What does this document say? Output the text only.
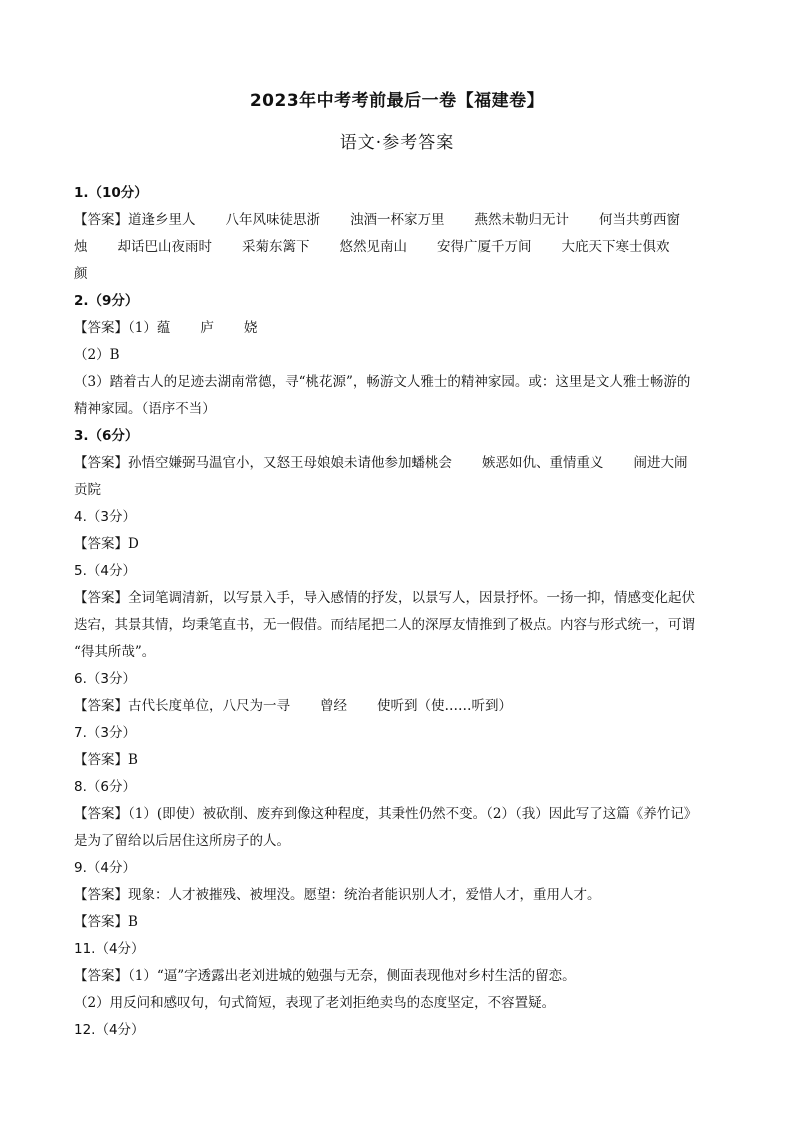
2023年中考考前最后一卷【福建卷】
语文·参考答案
1.（10分）
【答案】道逢乡里人 八年风味徒思浙 浊酒一杯家万里 燕然未勒归无计 何当共剪西窗
烛 却话巴山夜雨时 采菊东篱下 悠然见南山 安得广厦千万间 大庇天下寒士俱欢
颜
2.（9分）
【答案】（1）蕴 庐 娆
（2）B
（3）踏着古人的足迹去湖南常德，寻“桃花源”，畅游文人雅士的精神家园。或：这里是文人雅士畅游的
精神家园。（语序不当）
3.（6分）
【答案】孙悟空嫌弼马温官小，又怒王母娘娘未请他参加蟠桃会 嫉恶如仇、重情重义 闹进大闹
贡院
4.（3分）
【答案】D
5.（4分）
【答案】全词笔调清新，以写景入手，导入感情的抒发，以景写人，因景抒怀。一扬一抑，情感变化起伏
迭宕，其景其情，均秉笔直书，无一假借。而结尾把二人的深厚友情推到了极点。内容与形式统一，可谓
“得其所哉”。
6.（3分）
【答案】古代长度单位，八尺为一寻 曾经 使听到（使……听到）
7.（3分）
【答案】B
8.（6分）
【答案】（1）(即使）被砍削、废弃到像这种程度，其秉性仍然不变。（2）（我）因此写了这篇《养竹记》
是为了留给以后居住这所房子的人。
9.（4分）
【答案】现象：人才被摧残、被埋没。愿望：统治者能识别人才，爱惜人才，重用人才。
【答案】B
11.（4分）
【答案】（1）“逼”字透露出老刘进城的勉强与无奈，侧面表现他对乡村生活的留恋。
（2）用反问和感叹句，句式简短，表现了老刘拒绝卖鸟的态度坚定，不容置疑。
12.（4分）
